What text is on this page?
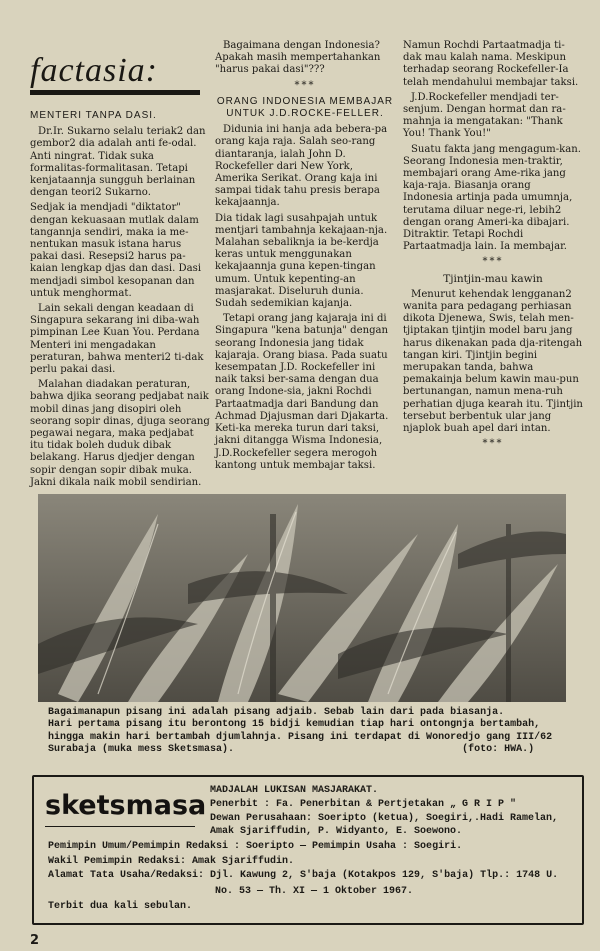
factasia:
MENTERI TANPA DASI.

Dr.Ir. Sukarno selalu teriak2 dan gembor2 dia adalah anti fe-odal. Anti ningrat. Tidak suka formalitas-formalitasan. Tetapi kenjataannja sungguh berlainan dengan teori2 Sukarno.

Sedjak ia mendjadi "diktator" dengan kekuasaan mutlak dalam tangannja sendiri, maka ia me-nentukan masuk istana harus pakai dasi. Resepsi2 harus pa-kaian lengkap djas dan dasi. Dasi mendjadi simbol kesopanan dan untuk menghormat.

Lain sekali dengan keadaan di Singapura sekarang ini diba-wah pimpinan Lee Kuan You. Perdana Menteri ini mengadakan peraturan, bahwa menteri2 ti-dak perlu pakai dasi.

Malahan diadakan peraturan, bahwa djika seorang pedjabat naik mobil dinas jang disopiri oleh seorang sopir dinas, djuga seorang pegawai negara, maka pedjabat itu tidak boleh duduk dibak belakang. Harus djedjer dengan sopir dengan sopir dibak muka. Jakni dikala naik mobil sendirian.

Bagaimana dengan Indonesia? Apakah masih mempertahankan "harus pakai dasi"???

***
ORANG INDONESIA MEMBAJAR UNTUK J.D.ROCKE-FELLER.

Didunia ini hanja ada bebera-pa orang kaja raja. Salah seo-rang diantaranja, ialah John D. Rockefeller dari New York, Amerika Serikat. Orang kaja ini sampai tidak tahu presis berapa kekajaannja.

Dia tidak lagi susahpajah untuk mentjari tambahnja kekajaan-nja. Malahan sebaliknja ia be-kerdja keras untuk menggunakan kekajaannja guna kepen-tingan umum. Untuk kepenting-an masjarakat. Diseluruh dunia. Sudah sedemikian kajanja.

Tetapi orang jang kajaraja ini di Singapura "kena batunja" dengan seorang Indonesia jang tidak kajaraja. Orang biasa. Pada suatu kesempatan J.D. Rockefeller ini naik taksi ber-sama dengan dua orang Indone-sia, jakni Rochdi Partaatmadja dari Bandung dan Achmad Djajusman dari Djakarta. Keti-ka mereka turun dari taksi, jakni ditangga Wisma Indonesia, J.D.Rockefeller segera merogoh kantong untuk membajar taksi.

Namun Rochdi Partaatmadja ti-dak mau kalah nama. Meskipun terhadap seorang Rockefeller-Ia telah mendahului membajar taksi.

J.D.Rockefeller mendjadi ter-senjum. Dengan hormat dan ra-mahnja ia mengatakan: "Thank You! Thank You!"

Suatu fakta jang mengagum-kan. Seorang Indonesia men-traktir, membajari orang Ame-rika jang kaja-raja. Biasanja orang Indonesia artinja pada umumnja, terutama diluar nege-ri, lebih2 dengan orang Ameri-ka dibajari. Ditraktir. Tetapi Rochdi Partaatmadja lain. Ia membajar.

***
Tjintjin-mau kawin

Menurut kehendak lengganan2 wanita para pedagang perhiasan dikota Djenewa, Swis, telah men-tjiptakan tjintjin model baru jang harus dikenakan pada dja-ritengah tangan kiri. Tjintjin begini merupakan tanda, bahwa pemakainja belum kawin mau-pun bertunangan, namun mena-ruh perhatian djuga kearah itu. Tjintjin tersebut berbentuk ular jang njaplok buah apel dari intan.

***
Bagaimanapun pisang ini adalah pisang adjaib. Sebab lain dari pada biasanja.
Hari pertama pisang itu berontong 15 bidji kemudian tiap hari ontongnja bertambah,
hingga makin hari bertambah djumlahnja. Pisang ini terdapat di Wonoredjo gang III/62
Surabaja (muka mess Sketsmasa).                                      (foto: HWA.)
sketsmasa MADJALAH LUKISAN MASJARAKAT.
Penerbit : Fa. Penerbitan & Pertjetakan „ G R I P "
Dewan Perusahaan: Soeripto (ketua), Soegiri,.Hadi Ramelan,
Amak Sjariffudin, P. Widyanto, E. Soewono.
Pemimpin Umum/Pemimpin Redaksi : Soeripto — Pemimpin Usaha : Soegiri.
Wakil Pemimpin Redaksi: Amak Sjariffudin.
Alamat Tata Usaha/Redaksi: Djl. Kawung 2, S'baja (Kotakpos 129, S'baja) Tlp.: 1748 U.
No. 53 — Th. XI — 1 Oktober 1967.
Terbit dua kali sebulan.
2
